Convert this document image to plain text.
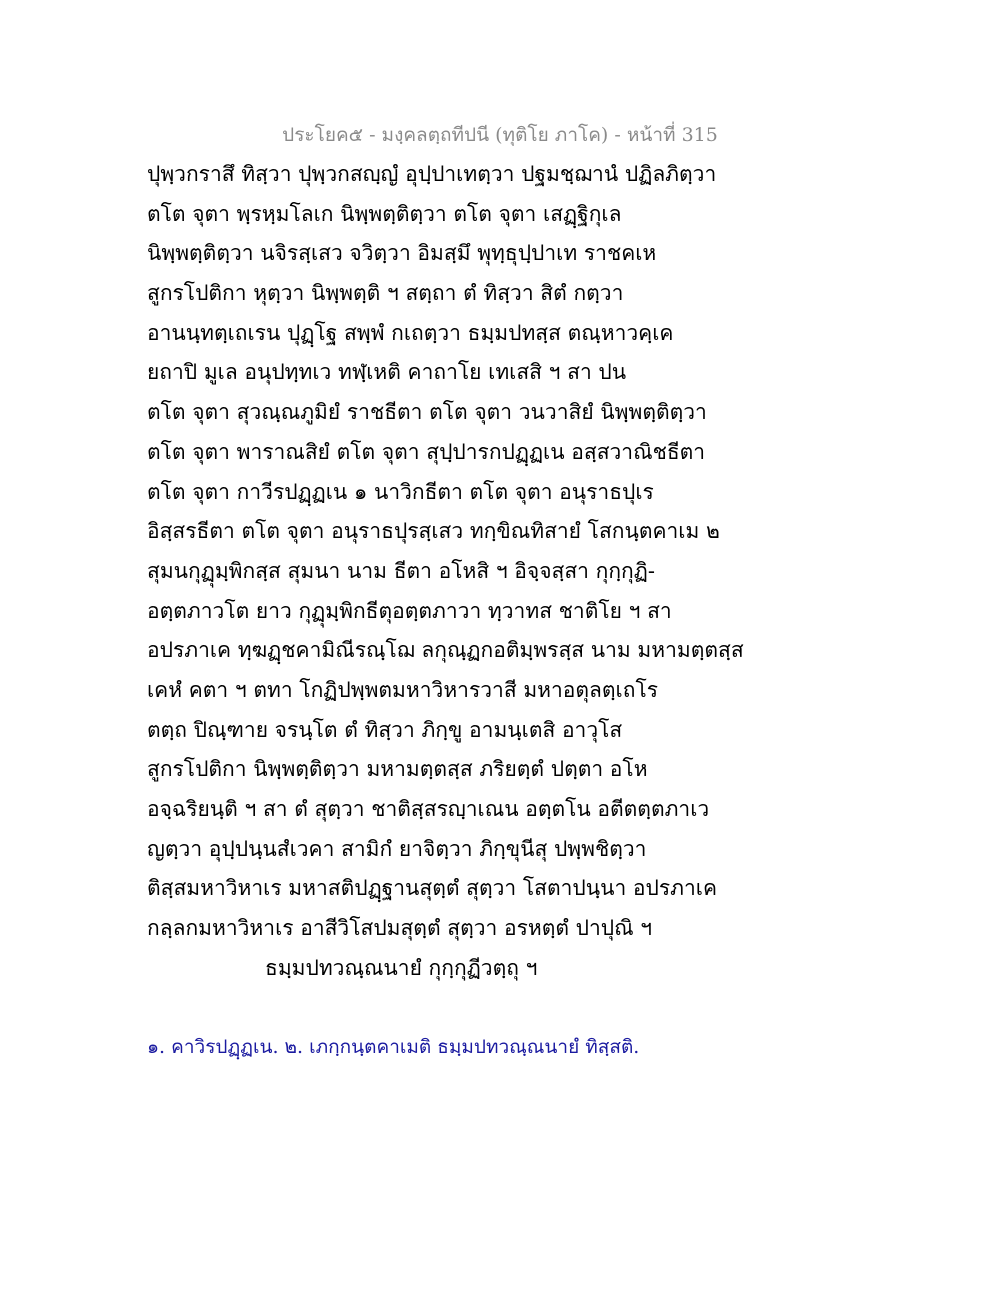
ประโยค๕ - มงฺคลตฺถทีปนี (ทุติโย ภาโค) - หน้าที่ 315
ปุพฺวกราสึ ทิสฺวา ปุพฺวกสญฺญํ อุปฺปาเทตฺวา ปฐมชฺฌานํ ปฏิลภิตฺวา
ตโต จุตา พฺรหฺมโลเก นิพฺพตฺติตฺวา ตโต จุตา เสฏฺฐิกุเล
นิพฺพตฺติตฺวา นจิรสฺเสว จวิตฺวา อิมสฺมึ พุทฺธุปฺปาเท ราชคเห
สูกรโปติกา หุตฺวา นิพฺพตฺติ ฯ สตฺถา ตํ ทิสฺวา สิตํ กตฺวา
อานนฺทตฺเถเรน ปุฏฺโฐ สพฺพํ กเถตฺวา ธมฺมปทสฺส ตณฺหาวคฺเค
ยถาปิ มูเล อนุปทฺทเว ทฬฺเหติ คาถาโย เทเสสิ ฯ สา ปน
ตโต จุตา สุวณฺณภูมิยํ ราชธีตา ตโต จุตา วนวาสิยํ นิพฺพตฺติตฺวา
ตโต จุตา พาราณสิยํ ตโต จุตา สุปฺปารกปฏฺฏเน อสฺสวาณิชธีตา
ตโต จุตา กาวีรปฏฺฏเน ๑ นาวิกธีตา ตโต จุตา อนุราธปุเร
อิสฺสรธีตา ตโต จุตา อนุราธปุรสฺเสว ทกฺขิณทิสายํ โสกนฺตคาเม ๒
สุมนกุฏุมฺพิกสฺส สุมนา นาม ธีตา อโหสิ ฯ อิจฺจสฺสา กุกฺกุฏิ-
อตฺตภาวโต ยาว กุฏุมฺพิกธีตุอตฺตภาวา ทฺวาทส ชาติโย ฯ สา
อปรภาเค ทฺฆฏฺชคามิณีรณฺโฌ ลกุณฺฏกอติมฺพรสฺส นาม มหามตฺตสฺส
เคหํ คตา ฯ ตทา โกฏิปพฺพตมหาวิหารวาสี มหาอตุลตฺเถโร
ตตฺถ ปิณฺฑาย จรนฺโต ตํ ทิสฺวา ภิกฺขู อามนฺเตสิ อาวุโส
สูกรโปติกา นิพฺพตฺติตฺวา มหามตฺตสฺส ภริยตฺตํ ปตฺตา อโห
อจฺฉริยนฺติ ฯ สา ตํ สุตฺวา ชาติสฺสรญฺาเณน อตฺตโน อตีตตฺตภาเว
ญตฺวา อุปฺปนฺนสํเวคา สามิกํ ยาจิตฺวา ภิกฺขุนีสุ ปพฺพชิตฺวา
ติสฺสมหาวิหาเร มหาสติปฏฺฐานสุตฺตํ สุตฺวา โสตาปนฺนา อปรภาเค
กลฺลกมหาวิหาเร อาสีวิโสปมสุตฺตํ สุตฺวา อรหตฺตํ ปาปุณิ ฯ
ธมฺมปทวณฺณนายํ กุกฺกุฏีวตฺถุ ฯ
๑. คาวิรปฏฺฏเน. ๒. เภกฺกนฺตคาเมติ ธมฺมปทวณฺณนายํ ทิสฺสติ.
